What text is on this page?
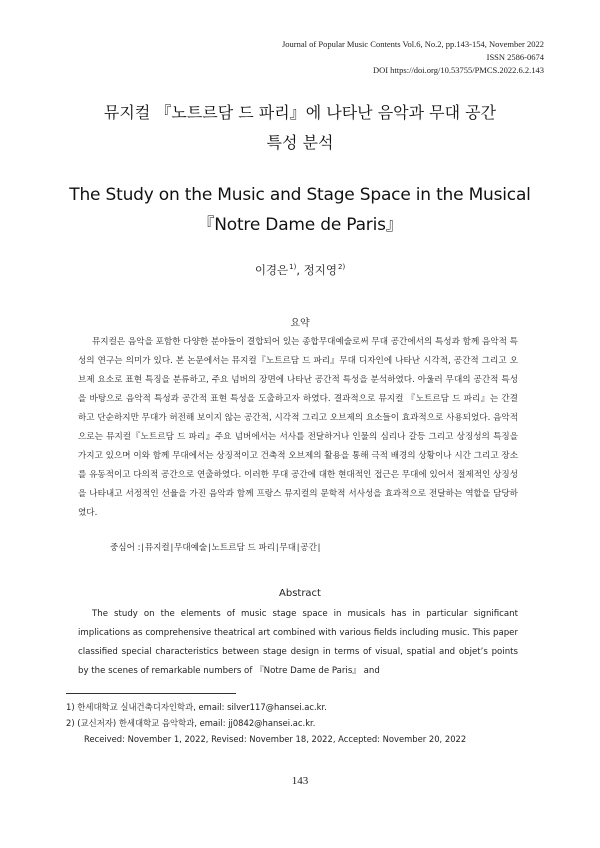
Journal of Popular Music Contents Vol.6, No.2, pp.143-154, November 2022
ISSN 2586-0674
DOI https://doi.org/10.53755/PMCS.2022.6.2.143
뮤지컬 『노트르담 드 파리』에 나타난 음악과 무대 공간
특성 분석
The Study on the Music and Stage Space in the Musical
『Notre Dame de Paris』
이경은$^{1)}$, 정지영$^{2)}$
요약

뮤지컬은 음악을 포함한 다양한 분야들이 결합되어 있는 종합무대예술로써 무대 공간에서의 특성과 함께 음악적 특성의 연구는 의미가 있다. 본 논문에서는 뮤지컬『노트르담 드 파리』무대 디자인에 나타난 시각적, 공간적 그리고 오브제 요소로 표현 특징을 분류하고, 주요 넘버의 장면에 나타난 공간적 특성을 분석하였다. 아울러 무대의 공간적 특성을 바탕으로 음악적 특성과 공간적 표현 특성을 도출하고자 하였다. 결과적으로 뮤지컬 『노트르담 드 파리』는 간결하고 단순하지만 무대가 허전해 보이지 않는 공간적, 시각적 그리고 오브제의 요소들이 효과적으로 사용되었다. 음악적으로는 뮤지컬『노트르담 드 파리』주요 넘버에서는 서사를 전달하거나 인물의 심리나 갈등 그리고 상징성의 특징을 가지고 있으며 이와 함께 무대에서는 상징적이고 건축적 오브제의 활용을 통해 극적 배경의 상황이나 시간 그리고 장소를 유동적이고 다의적 공간으로 연출하였다. 이러한 무대 공간에 대한 현대적인 접근은 무대에 있어서 절제적인 상징성을 나타내고 서정적인 선율을 가진 음악과 함께 프랑스 뮤지컬의 문학적 서사성을 효과적으로 전달하는 역할을 담당하였다.

중심어 :∣뮤지컬∣무대예술∣노트르담 드 파리∣무대∣공간∣
Abstract

The study on the elements of music stage space in musicals has in particular significant implications as comprehensive theatrical art combined with various fields including music. This paper classified special characteristics between stage design in terms of visual, spatial and objet’s points by the scenes of remarkable numbers of 『Notre Dame de Paris』 and

1) 한세대학교 실내건축디자인학과, email: silver117@hansei.ac.kr.
2) (교신저자) 한세대학교 음악학과, email: jj0842@hansei.ac.kr.
Received: November 1, 2022, Revised: November 18, 2022, Accepted: November 20, 2022
143
